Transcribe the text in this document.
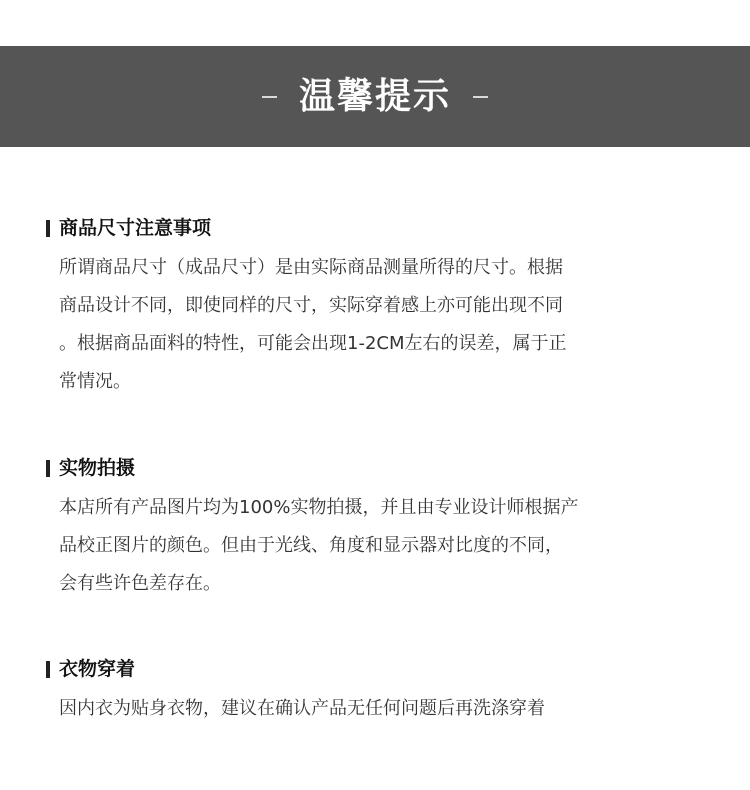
温馨提示
商品尺寸注意事项
所谓商品尺寸（成品尺寸）是由实际商品测量所得的尺寸。根据
商品设计不同，即使同样的尺寸，实际穿着感上亦可能出现不同
。根据商品面料的特性，可能会出现1-2CM左右的误差，属于正
常情况。
实物拍摄
本店所有产品图片均为100%实物拍摄，并且由专业设计师根据产
品校正图片的颜色。但由于光线、角度和显示器对比度的不同，
会有些许色差存在。
衣物穿着
因内衣为贴身衣物，建议在确认产品无任何问题后再洗涤穿着
